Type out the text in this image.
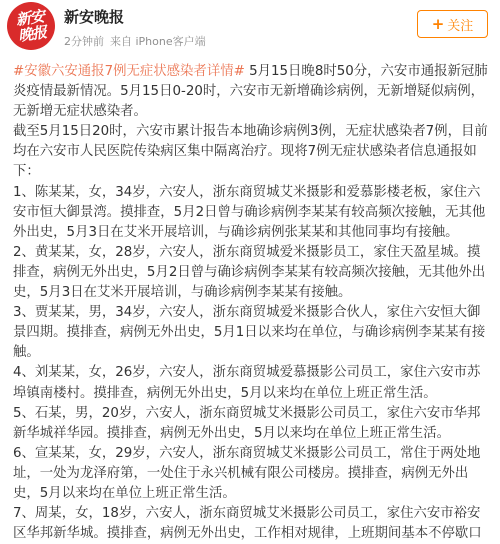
新安
晚报
新安晚报
2分钟前 来自 iPhone客户端
+ 关注

#安徽六安通报7例无症状感染者详情# 5月15日晚8时50分，六安市通报新冠肺炎疫情最新情况。5月15日0-20时，六安市无新增确诊病例，无新增疑似病例，无新增无症状感染者。

截至5月15日20时，六安市累计报告本地确诊病例3例，无症状感染者7例，目前均在六安市人民医院传染病区集中隔离治疗。现将7例无症状感染者信息通报如下：

1、陈某某，女，34岁，六安人，浙东商贸城艾米摄影和爱慕影楼老板，家住六安市恒大御景湾。摸排查，5月2日曾与确诊病例李某某有较高频次接触，无其他外出史，5月3日在艾米开展培训，与确诊病例张某某和其他同事均有接触。

2、黄某某，女，28岁，六安人，浙东商贸城爱米摄影员工，家住天盈星城。摸排查，病例无外出史，5月2日曾与确诊病例李某某有较高频次接触，无其他外出史，5月3日在艾米开展培训，与确诊病例李某某有接触。

3、贾某某，男，34岁，六安人，浙东商贸城爱米摄影合伙人，家住六安恒大御景四期。摸排查，病例无外出史，5月1日以来均在单位，与确诊病例李某某有接触。

4、刘某某，女，26岁，六安人，浙东商贸城爱慕摄影公司员工，家住六安市苏埠镇南楼村。摸排查，病例无外出史，5月以来均在单位上班正常生活。

5、石某，男，20岁，六安人，浙东商贸城艾米摄影公司员工，家住六安市华邦新华城祥华园。摸排查，病例无外出史，5月以来均在单位上班正常生活。

6、宣某某，女，29岁，六安人，浙东商贸城艾米摄影公司员工，常住于两处地址，一处为龙泽府第，一处住于永兴机械有限公司楼房。摸排查，病例无外出史，5月以来均在单位上班正常生活。

7、周某，女，18岁，六安人，浙东商贸城艾米摄影公司员工，家住六安市裕安区华邦新华城。摸排查，病例无外出史，工作相对规律，上班期间基本不停歇口
